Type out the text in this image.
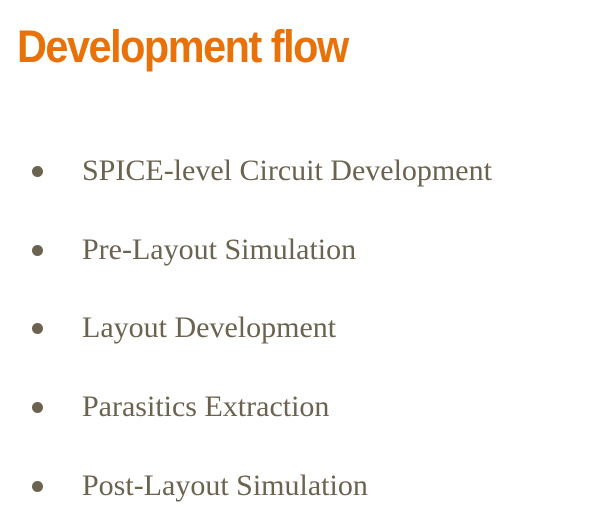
Development flow
SPICE-level Circuit Development
Pre-Layout Simulation
Layout Development
Parasitics Extraction
Post-Layout Simulation
